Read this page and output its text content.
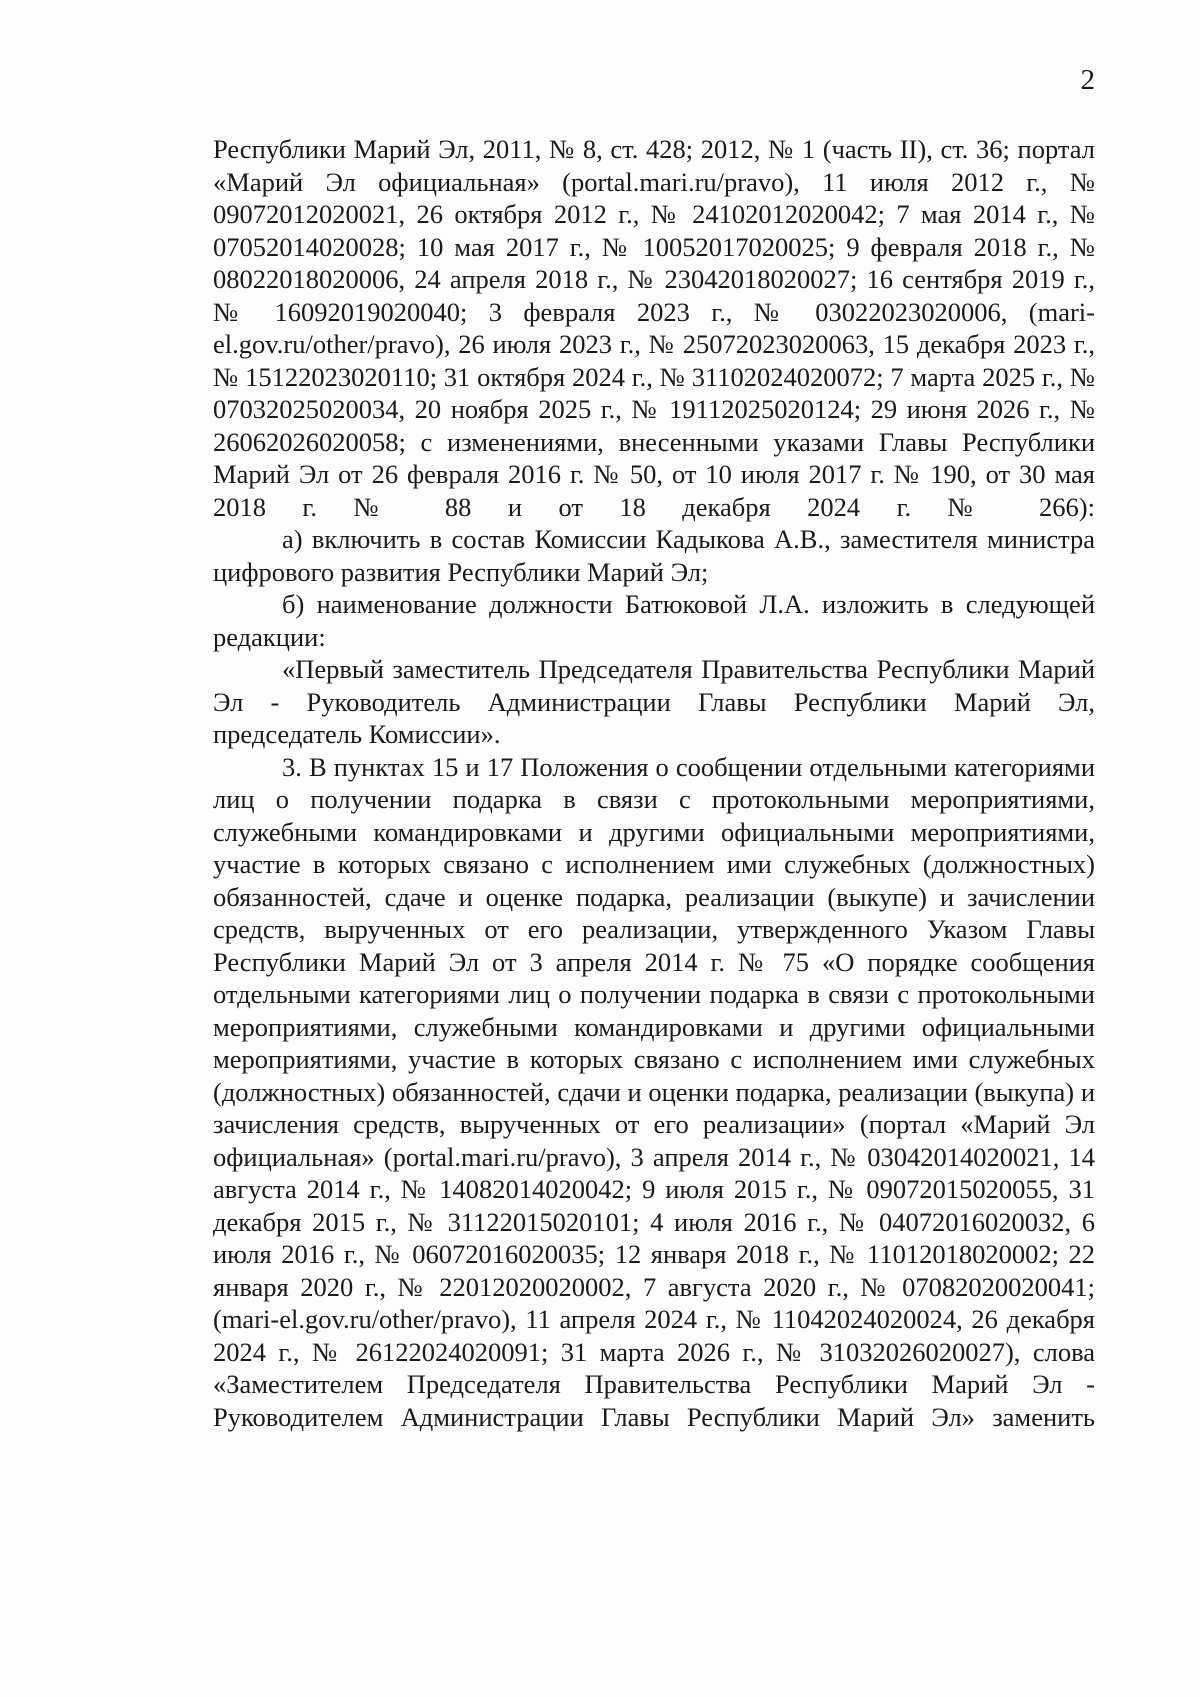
2

Республики Марий Эл, 2011, № 8, ст. 428; 2012, № 1 (часть II), ст. 36; портал «Марий Эл официальная» (portal.mari.ru/pravo), 11 июля 2012 г., № 09072012020021, 26 октября 2012 г., № 24102012020042; 7 мая 2014 г., № 07052014020028; 10 мая 2017 г., № 10052017020025; 9 февраля 2018 г., № 08022018020006, 24 апреля 2018 г., № 23042018020027; 16 сентября 2019 г., № 16092019020040; 3 февраля 2023 г., № 03022023020006, (mari-el.gov.ru/other/pravo), 26 июля 2023 г., № 25072023020063, 15 декабря 2023 г., № 15122023020110; 31 октября 2024 г., № 31102024020072; 7 марта 2025 г., № 07032025020034, 20 ноября 2025 г., № 19112025020124; 29 июня 2026 г., № 26062026020058; с изменениями, внесенными указами Главы Республики Марий Эл от 26 февраля 2016 г. № 50, от 10 июля 2017 г. № 190, от 30 мая 2018 г. № 88 и от 18 декабря 2024 г. № 266):

а) включить в состав Комиссии Кадыкова А.В., заместителя министра цифрового развития Республики Марий Эл;

б) наименование должности Батюковой Л.А. изложить в следующей редакции:

«Первый заместитель Председателя Правительства Республики Марий Эл - Руководитель Администрации Главы Республики Марий Эл, председатель Комиссии».

3. В пунктах 15 и 17 Положения о сообщении отдельными категориями лиц о получении подарка в связи с протокольными мероприятиями, служебными командировками и другими официальными мероприятиями, участие в которых связано с исполнением ими служебных (должностных) обязанностей, сдаче и оценке подарка, реализации (выкупе) и зачислении средств, вырученных от его реализации, утвержденного Указом Главы Республики Марий Эл от 3 апреля 2014 г. № 75 «О порядке сообщения отдельными категориями лиц о получении подарка в связи с протокольными мероприятиями, служебными командировками и другими официальными мероприятиями, участие в которых связано с исполнением ими служебных (должностных) обязанностей, сдачи и оценки подарка, реализации (выкупа) и зачисления средств, вырученных от его реализации» (портал «Марий Эл официальная» (portal.mari.ru/pravo), 3 апреля 2014 г., № 03042014020021, 14 августа 2014 г., № 14082014020042; 9 июля 2015 г., № 09072015020055, 31 декабря 2015 г., № 31122015020101; 4 июля 2016 г., № 04072016020032, 6 июля 2016 г., № 06072016020035; 12 января 2018 г., № 11012018020002; 22 января 2020 г., № 22012020020002, 7 августа 2020 г., № 07082020020041; (mari-el.gov.ru/other/pravo), 11 апреля 2024 г., № 11042024020024, 26 декабря 2024 г., № 26122024020091; 31 марта 2026 г., № 31032026020027), слова «Заместителем Председателя Правительства Республики Марий Эл - Руководителем Администрации Главы Республики Марий Эл» заменить
